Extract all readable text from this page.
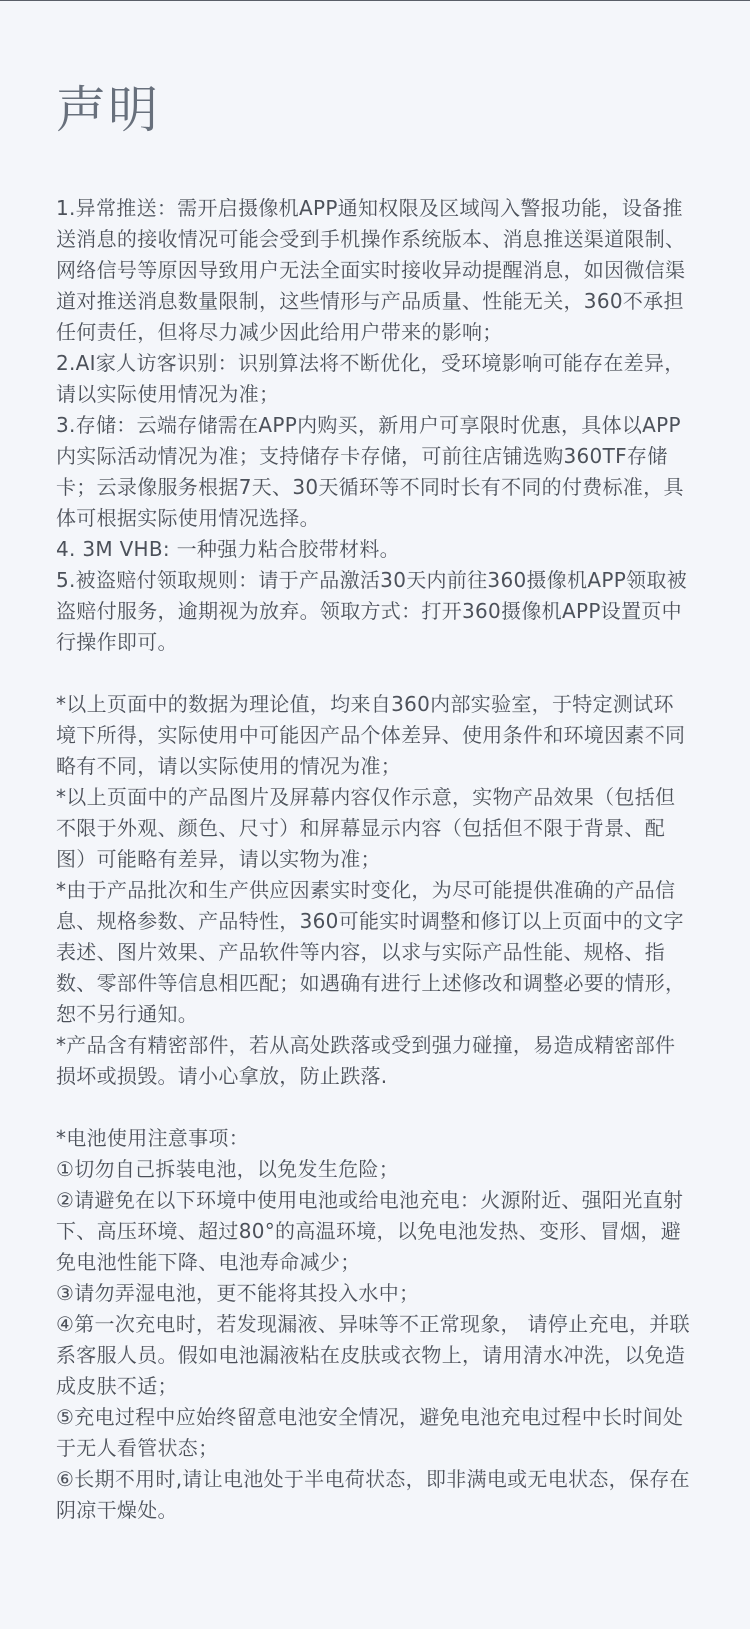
声明

1.异常推送：需开启摄像机APP通知权限及区域闯入警报功能，设备推送消息的接收情况可能会受到手机操作系统版本、消息推送渠道限制、网络信号等原因导致用户无法全面实时接收异动提醒消息，如因微信渠道对推送消息数量限制，这些情形与产品质量、性能无关，360不承担任何责任，但将尽力减少因此给用户带来的影响；

2.AI家人访客识别：识别算法将不断优化，受环境影响可能存在差异，请以实际使用情况为准；

3.存储：云端存储需在APP内购买，新用户可享限时优惠，具体以APP内实际活动情况为准；支持储存卡存储，可前往店铺选购360TF存储卡；云录像服务根据7天、30天循环等不同时长有不同的付费标准，具体可根据实际使用情况选择。

4. 3M VHB: 一种强力粘合胶带材料。

5.被盗赔付领取规则：请于产品激活30天内前往360摄像机APP领取被盗赔付服务，逾期视为放弃。领取方式：打开360摄像机APP设置页中行操作即可。

*以上页面中的数据为理论值，均来自360内部实验室，于特定测试环境下所得，实际使用中可能因产品个体差异、使用条件和环境因素不同略有不同，请以实际使用的情况为准；

*以上页面中的产品图片及屏幕内容仅作示意，实物产品效果（包括但不限于外观、颜色、尺寸）和屏幕显示内容（包括但不限于背景、配图）可能略有差异，请以实物为准；

*由于产品批次和生产供应因素实时变化，为尽可能提供准确的产品信息、规格参数、产品特性，360可能实时调整和修订以上页面中的文字表述、图片效果、产品软件等内容，以求与实际产品性能、规格、指数、零部件等信息相匹配；如遇确有进行上述修改和调整必要的情形，恕不另行通知。

*产品含有精密部件，若从高处跌落或受到强力碰撞，易造成精密部件损坏或损毁。请小心拿放，防止跌落.

*电池使用注意事项：

①切勿自己拆装电池，以免发生危险；

②请避免在以下环境中使用电池或给电池充电：火源附近、强阳光直射下、高压环境、超过80°的高温环境，以免电池发热、变形、冒烟，避免电池性能下降、电池寿命减少；

③请勿弄湿电池，更不能将其投入水中；

④第一次充电时，若发现漏液、异味等不正常现象， 请停止充电，并联系客服人员。假如电池漏液粘在皮肤或衣物上，请用清水冲洗，以免造成皮肤不适；

⑤充电过程中应始终留意电池安全情况，避免电池充电过程中长时间处于无人看管状态；

⑥长期不用时,请让电池处于半电荷状态，即非满电或无电状态，保存在阴凉干燥处。
